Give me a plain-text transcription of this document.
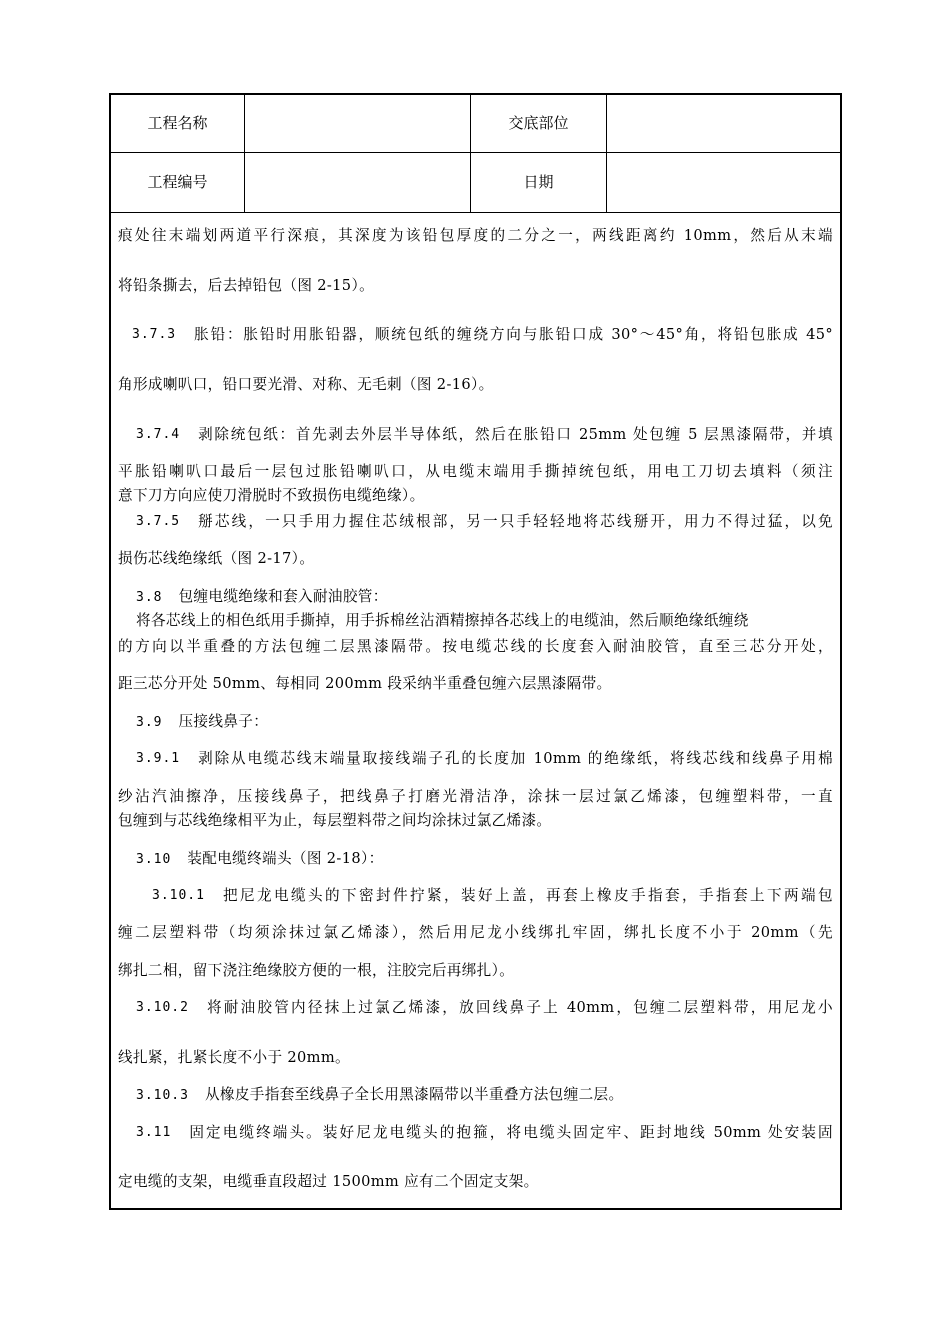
工程名称	交底部位
工程编号	日期
痕处往末端划两道平行深痕，其深度为该铅包厚度的二分之一，两线距离约 10mm，然后从末端
将铅条撕去，后去掉铅包（图 2-15）。
3.7.3 胀铅：胀铅时用胀铅器，顺统包纸的缠绕方向与胀铅口成 30°～45°角，将铅包胀成 45°
角形成喇叭口，铅口要光滑、对称、无毛刺（图 2-16）。
3.7.4 剥除统包纸：首先剥去外层半导体纸，然后在胀铅口 25mm 处包缠 5 层黑漆隔带，并填
平胀铅喇叭口最后一层包过胀铅喇叭口，从电缆末端用手撕掉统包纸，用电工刀切去填料（须注
意下刀方向应使刀滑脱时不致损伤电缆绝缘）。
3.7.5 掰芯线，一只手用力握住芯绒根部，另一只手轻轻地将芯线掰开，用力不得过猛，以免
损伤芯线绝缘纸（图 2-17）。
3.8 包缠电缆绝缘和套入耐油胶管：
将各芯线上的相色纸用手撕掉，用手拆棉丝沾酒精擦掉各芯线上的电缆油，然后顺绝缘纸缠绕
的方向以半重叠的方法包缠二层黑漆隔带。按电缆芯线的长度套入耐油胶管，直至三芯分开处，
距三芯分开处 50mm、每相同 200mm 段采纳半重叠包缠六层黑漆隔带。
3.9 压接线鼻子：
3.9.1 剥除从电缆芯线末端量取接线端子孔的长度加 10mm 的绝缘纸，将线芯线和线鼻子用棉
纱沾汽油擦净，压接线鼻子，把线鼻子打磨光滑洁净，涂抹一层过氯乙烯漆，包缠塑料带，一直
包缠到与芯线绝缘相平为止，每层塑料带之间均涂抹过氯乙烯漆。
3.10 装配电缆终端头（图 2-18）：
3.10.1 把尼龙电缆头的下密封件拧紧，装好上盖，再套上橡皮手指套，手指套上下两端包
缠二层塑料带（均须涂抹过氯乙烯漆），然后用尼龙小线绑扎牢固，绑扎长度不小于 20mm（先
绑扎二相，留下浇注绝缘胶方便的一根，注胶完后再绑扎）。
3.10.2 将耐油胶管内径抹上过氯乙烯漆，放回线鼻子上 40mm，包缠二层塑料带，用尼龙小
线扎紧，扎紧长度不小于 20mm。
3.10.3 从橡皮手指套至线鼻子全长用黑漆隔带以半重叠方法包缠二层。
3.11 固定电缆终端头。装好尼龙电缆头的抱箍，将电缆头固定牢、距封地线 50mm 处安装固
定电缆的支架，电缆垂直段超过 1500mm 应有二个固定支架。
